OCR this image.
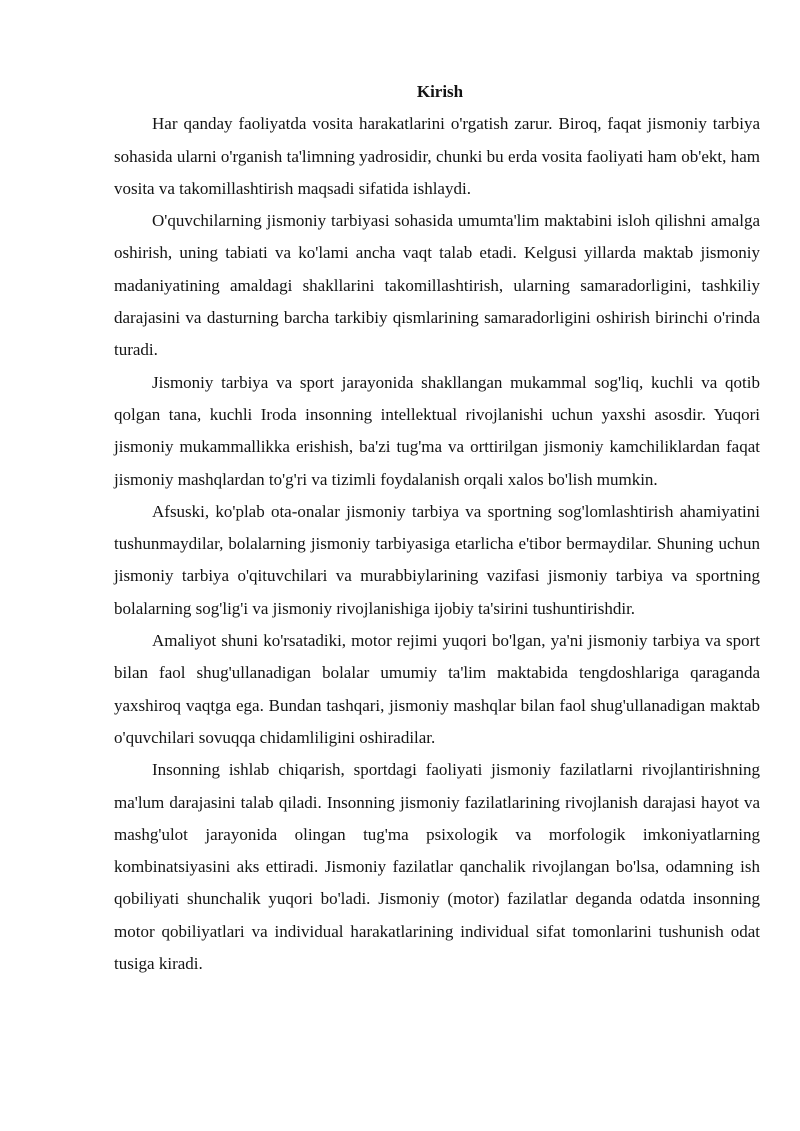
Kirish

Har qanday faoliyatda vosita harakatlarini o'rgatish zarur. Biroq, faqat jismoniy tarbiya sohasida ularni o'rganish ta'limning yadrosidir, chunki bu erda vosita faoliyati ham ob'ekt, ham vosita va takomillashtirish maqsadi sifatida ishlaydi.

O'quvchilarning jismoniy tarbiyasi sohasida umumta'lim maktabini isloh qilishni amalga oshirish, uning tabiati va ko'lami ancha vaqt talab etadi. Kelgusi yillarda maktab jismoniy madaniyatining amaldagi shakllarini takomillashtirish, ularning samaradorligini, tashkiliy darajasini va dasturning barcha tarkibiy qismlarining samaradorligini oshirish birinchi o'rinda turadi.

Jismoniy tarbiya va sport jarayonida shakllangan mukammal sog'liq, kuchli va qotib qolgan tana, kuchli Iroda insonning intellektual rivojlanishi uchun yaxshi asosdir. Yuqori jismoniy mukammallikka erishish, ba'zi tug'ma va orttirilgan jismoniy kamchiliklardan faqat jismoniy mashqlardan to'g'ri va tizimli foydalanish orqali xalos bo'lish mumkin.

Afsuski, ko'plab ota-onalar jismoniy tarbiya va sportning sog'lomlashtirish ahamiyatini tushunmaydilar, bolalarning jismoniy tarbiyasiga etarlicha e'tibor bermaydilar. Shuning uchun jismoniy tarbiya o'qituvchilari va murabbiylarining vazifasi jismoniy tarbiya va sportning bolalarning sog'lig'i va jismoniy rivojlanishiga ijobiy ta'sirini tushuntirishdir.

Amaliyot shuni ko'rsatadiki, motor rejimi yuqori bo'lgan, ya'ni jismoniy tarbiya va sport bilan faol shug'ullanadigan bolalar umumiy ta'lim maktabida tengdoshlariga qaraganda yaxshiroq vaqtga ega. Bundan tashqari, jismoniy mashqlar bilan faol shug'ullanadigan maktab o'quvchilari sovuqqa chidamliligini oshiradilar.

Insonning ishlab chiqarish, sportdagi faoliyati jismoniy fazilatlarni rivojlantirishning ma'lum darajasini talab qiladi. Insonning jismoniy fazilatlarining rivojlanish darajasi hayot va mashg'ulot jarayonida olingan tug'ma psixologik va morfologik imkoniyatlarning kombinatsiyasini aks ettiradi. Jismoniy fazilatlar qanchalik rivojlangan bo'lsa, odamning ish qobiliyati shunchalik yuqori bo'ladi. Jismoniy (motor) fazilatlar deganda odatda insonning motor qobiliyatlari va individual harakatlarining individual sifat tomonlarini tushunish odat tusiga kiradi.
